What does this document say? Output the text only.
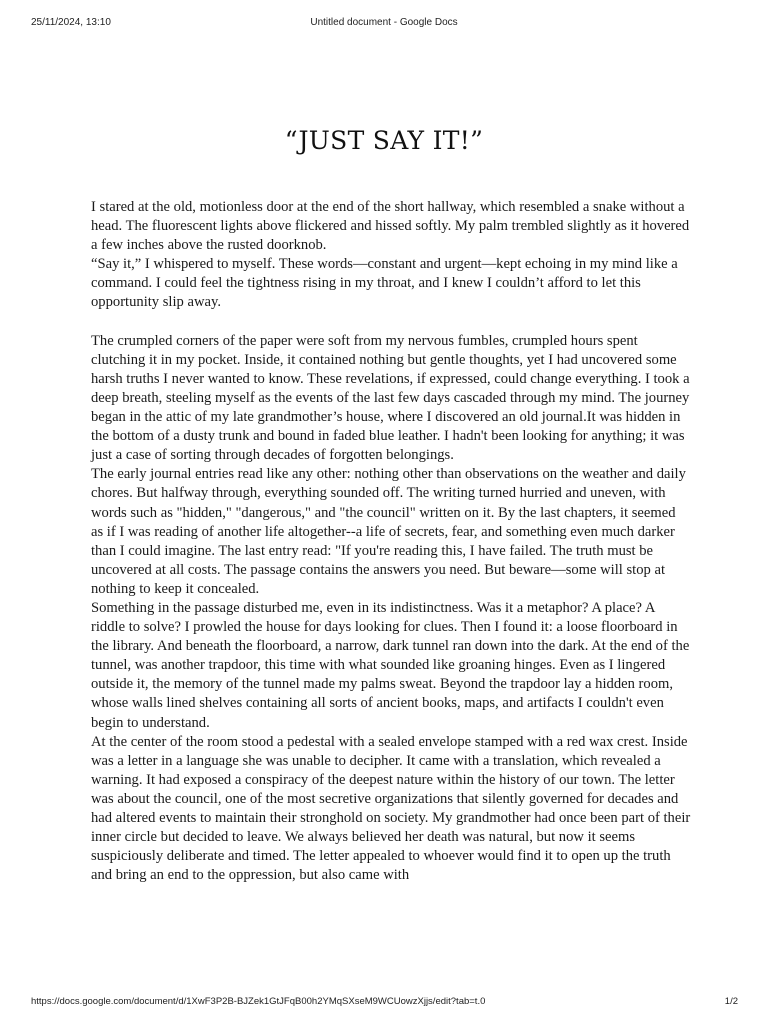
25/11/2024, 13:10	Untitled document - Google Docs
“JUST SAY IT!”

I stared at the old, motionless door at the end of the short hallway, which resembled a snake without a head. The fluorescent lights above flickered and hissed softly. My palm trembled slightly as it hovered a few inches above the rusted doorknob.

“Say it,” I whispered to myself. These words—constant and urgent—kept echoing in my mind like a command. I could feel the tightness rising in my throat, and I knew I couldn’t afford to let this opportunity slip away.

The crumpled corners of the paper were soft from my nervous fumbles, crumpled hours spent clutching it in my pocket. Inside, it contained nothing but gentle thoughts, yet I had uncovered some harsh truths I never wanted to know. These revelations, if expressed, could change everything. I took a deep breath, steeling myself as the events of the last few days cascaded through my mind. The journey began in the attic of my late grandmother’s house, where I discovered an old journal.It was hidden in the bottom of a dusty trunk and bound in faded blue leather. I hadn't been looking for anything; it was just a case of sorting through decades of forgotten belongings.

The early journal entries read like any other: nothing other than observations on the weather and daily chores. But halfway through, everything sounded off. The writing turned hurried and uneven, with words such as "hidden," "dangerous," and "the council" written on it. By the last chapters, it seemed as if I was reading of another life altogether--a life of secrets, fear, and something even much darker than I could imagine. The last entry read: "If you're reading this, I have failed. The truth must be uncovered at all costs. The passage contains the answers you need. But beware—some will stop at nothing to keep it concealed.

Something in the passage disturbed me, even in its indistinctness. Was it a metaphor? A place? A riddle to solve? I prowled the house for days looking for clues. Then I found it: a loose floorboard in the library. And beneath the floorboard, a narrow, dark tunnel ran down into the dark. At the end of the tunnel, was another trapdoor, this time with what sounded like groaning hinges. Even as I lingered outside it, the memory of the tunnel made my palms sweat. Beyond the trapdoor lay a hidden room, whose walls lined shelves containing all sorts of ancient books, maps, and artifacts I couldn't even begin to understand.

At the center of the room stood a pedestal with a sealed envelope stamped with a red wax crest. Inside was a letter in a language she was unable to decipher. It came with a translation, which revealed a warning. It had exposed a conspiracy of the deepest nature within the history of our town. The letter was about the council, one of the most secretive organizations that silently governed for decades and had altered events to maintain their stronghold on society. My grandmother had once been part of their inner circle but decided to leave. We always believed her death was natural, but now it seems suspiciously deliberate and timed. The letter appealed to whoever would find it to open up the truth and bring an end to the oppression, but also came with

https://docs.google.com/document/d/1XwF3P2B-BJZek1GtJFqB00h2YMqSXseM9WCUowzXjjs/edit?tab=t.0	1/2
